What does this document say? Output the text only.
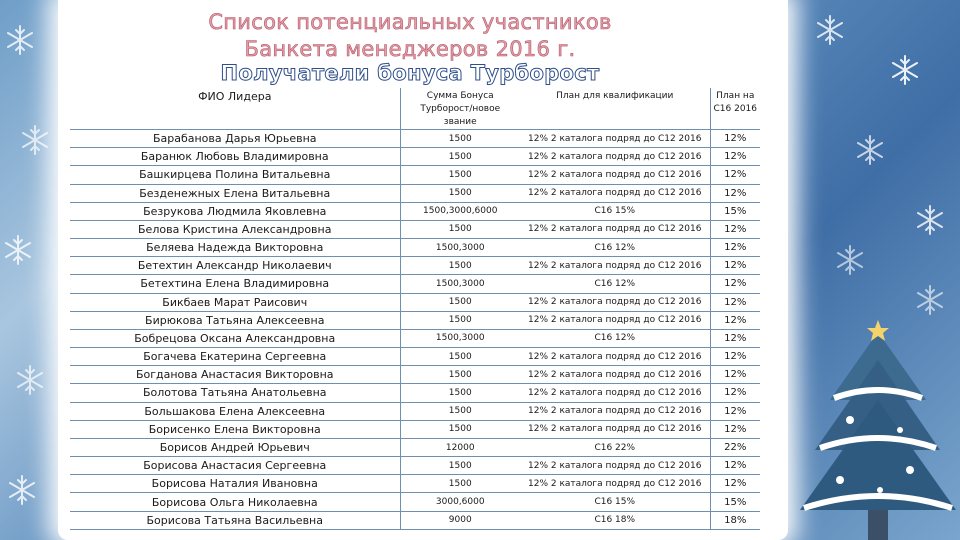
Список потенциальных участников
Банкета менеджеров 2016 г.
Получатели бонуса Турборост
ФИО Лидера	Сумма Бонуса Турборост/новое звание	План для квалификации	План на С16 2016
Барабанова Дарья Юрьевна	1500	12% 2 каталога подряд до С12 2016	12%
Баранюк Любовь Владимировна	1500	12% 2 каталога подряд до С12 2016	12%
Башкирцева Полина Витальевна	1500	12% 2 каталога подряд до С12 2016	12%
Безденежных Елена Витальевна	1500	12% 2 каталога подряд до С12 2016	12%
Безрукова Людмила Яковлевна	1500,3000,6000	С16 15%	15%
Белова Кристина Александровна	1500	12% 2 каталога подряд до С12 2016	12%
Беляева Надежда Викторовна	1500,3000	С16 12%	12%
Бетехтин Александр Николаевич	1500	12% 2 каталога подряд до С12 2016	12%
Бетехтина Елена Владимировна	1500,3000	С16 12%	12%
Бикбаев Марат Раисович	1500	12% 2 каталога подряд до С12 2016	12%
Бирюкова Татьяна Алексеевна	1500	12% 2 каталога подряд до С12 2016	12%
Бобрецова Оксана Александровна	1500,3000	С16 12%	12%
Богачева Екатерина Сергеевна	1500	12% 2 каталога подряд до С12 2016	12%
Богданова Анастасия Викторовна	1500	12% 2 каталога подряд до С12 2016	12%
Болотова Татьяна Анатольевна	1500	12% 2 каталога подряд до С12 2016	12%
Большакова Елена Алексеевна	1500	12% 2 каталога подряд до С12 2016	12%
Борисенко Елена Викторовна	1500	12% 2 каталога подряд до С12 2016	12%
Борисов Андрей Юрьевич	12000	С16 22%	22%
Борисова Анастасия Сергеевна	1500	12% 2 каталога подряд до С12 2016	12%
Борисова Наталия Ивановна	1500	12% 2 каталога подряд до С12 2016	12%
Борисова Ольга Николаевна	3000,6000	С16 15%	15%
Борисова Татьяна Васильевна	9000	С16 18%	18%
